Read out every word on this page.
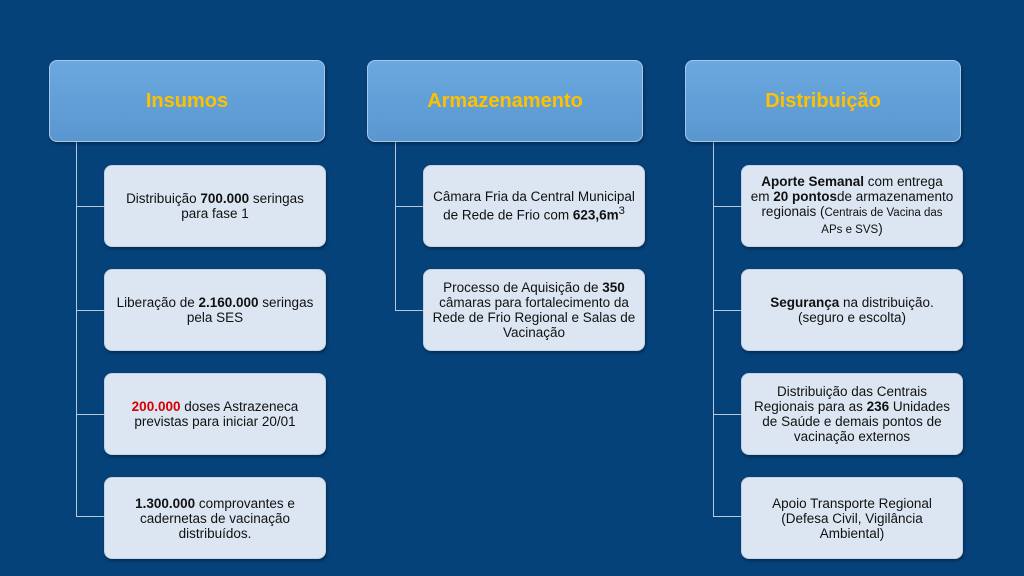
Insumos
Distribuição 700.000 seringas para fase 1
Liberação de 2.160.000 seringas pela SES
200.000 doses Astrazeneca previstas para iniciar 20/01
1.300.000 comprovantes e cadernetas de vacinação distribuídos.
Armazenamento
Câmara Fria da Central Municipal de Rede de Frio com $623,6m^3$
Processo de Aquisição de 350 câmaras para fortalecimento da Rede de Frio Regional e Salas de Vacinação
Distribuição
Aporte Semanal com entrega em 20 pontosde armazenamento regionais (Centrais de Vacina das APs e SVS)
Segurança na distribuição. (seguro e escolta)
Distribuição das Centrais Regionais para as 236 Unidades de Saúde e demais pontos de vacinação externos
Apoio Transporte Regional (Defesa Civil, Vigilância Ambiental)
